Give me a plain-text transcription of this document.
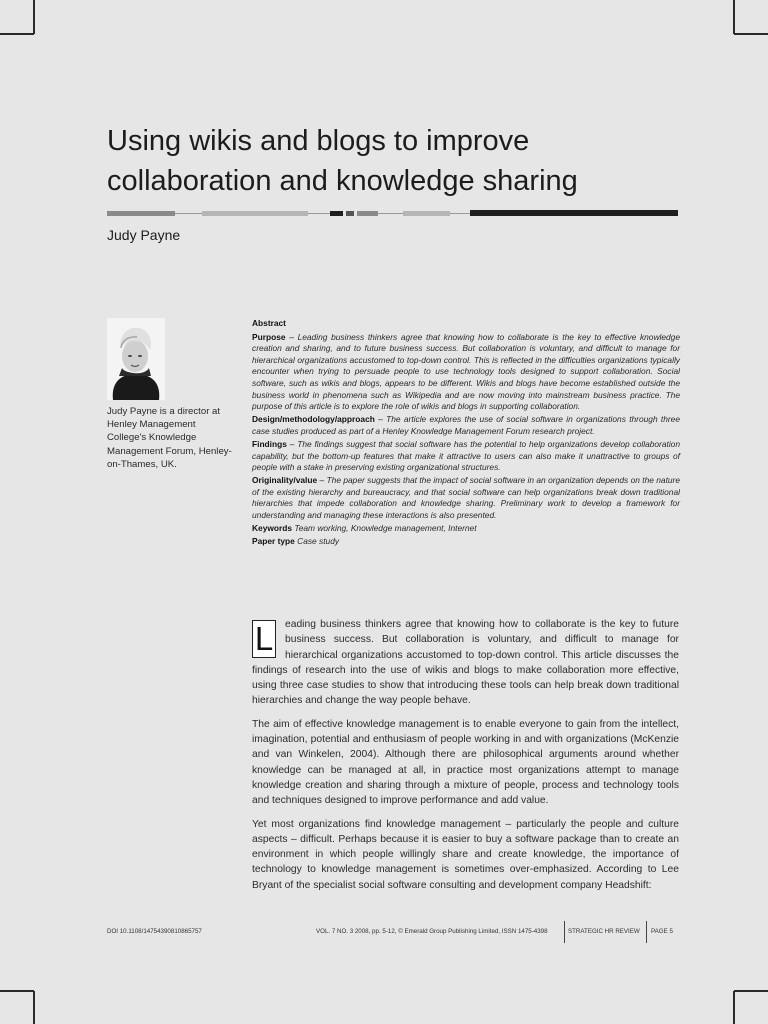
Using wikis and blogs to improve
collaboration and knowledge sharing
Judy Payne
Judy Payne is a director at Henley Management College's Knowledge Management Forum, Henley-on-Thames, UK.
Abstract

Purpose – Leading business thinkers agree that knowing how to collaborate is the key to effective knowledge creation and sharing, and to future business success. But collaboration is voluntary, and difficult to manage for hierarchical organizations accustomed to top-down control. This is reflected in the difficulties organizations typically encounter when trying to persuade people to use technology tools designed to support collaboration. Social software, such as wikis and blogs, appears to be different. Wikis and blogs have become established outside the business world in phenomena such as Wikipedia and are now moving into mainstream business practice. The purpose of this article is to explore the role of wikis and blogs in supporting collaboration.

Design/methodology/approach – The article explores the use of social software in organizations through three case studies produced as part of a Henley Knowledge Management Forum research project.

Findings – The findings suggest that social software has the potential to help organizations develop collaboration capability, but the bottom-up features that make it attractive to users can also make it unattractive to groups of people with a stake in preserving existing organizational structures.

Originality/value – The paper suggests that the impact of social software in an organization depends on the nature of the existing hierarchy and bureaucracy, and that social software can help organizations break down traditional hierarchies that impede collaboration and knowledge sharing. Preliminary work to develop a framework for understanding and managing these interactions is also presented.

Keywords Team working, Knowledge management, Internet

Paper type Case study

L eading business thinkers agree that knowing how to collaborate is the key to future business success. But collaboration is voluntary, and difficult to manage for hierarchical organizations accustomed to top-down control. This article discusses the findings of research into the use of wikis and blogs to make collaboration more effective, using three case studies to show that introducing these tools can help break down traditional hierarchies and change the way people behave.

The aim of effective knowledge management is to enable everyone to gain from the intellect, imagination, potential and enthusiasm of people working in and with organizations (McKenzie and van Winkelen, 2004). Although there are philosophical arguments around whether knowledge can be managed at all, in practice most organizations attempt to manage knowledge creation and sharing through a mixture of people, process and technology tools and techniques designed to improve performance and add value.

Yet most organizations find knowledge management – particularly the people and culture aspects – difficult. Perhaps because it is easier to buy a software package than to create an environment in which people willingly share and create knowledge, the importance of technology to knowledge management is sometimes over-emphasized. According to Lee Bryant of the specialist social software consulting and development company Headshift:

DOI 10.1108/14754390810865757	VOL. 7 NO. 3 2008, pp. 5-12, © Emerald Group Publishing Limited, ISSN 1475-4398	STRATEGIC HR REVIEW PAGE 5
